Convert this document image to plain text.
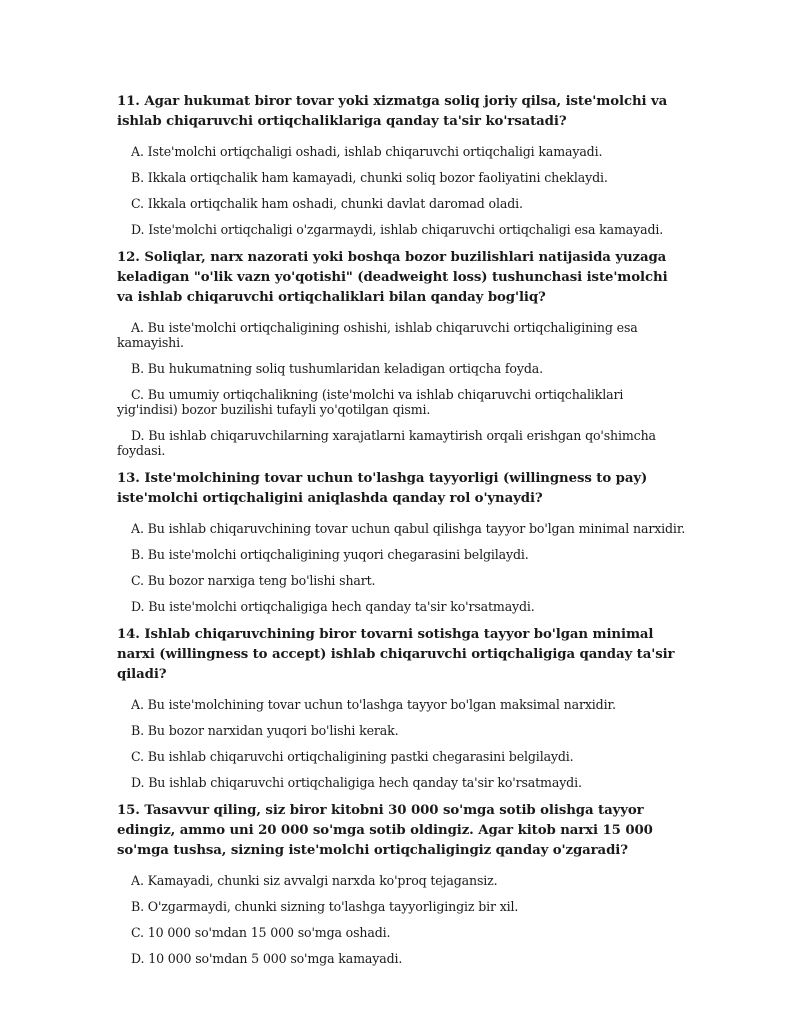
11. Agar hukumat biror tovar yoki xizmatga soliq joriy qilsa, iste'molchi va ishlab chiqaruvchi ortiqchaliklariga qanday ta'sir ko'rsatadi?

A. Iste'molchi ortiqchaligi oshadi, ishlab chiqaruvchi ortiqchaligi kamayadi.

B. Ikkala ortiqchalik ham kamayadi, chunki soliq bozor faoliyatini cheklaydi.

C. Ikkala ortiqchalik ham oshadi, chunki davlat daromad oladi.

D. Iste'molchi ortiqchaligi o'zgarmaydi, ishlab chiqaruvchi ortiqchaligi esa kamayadi.

12. Soliqlar, narx nazorati yoki boshqa bozor buzilishlari natijasida yuzaga keladigan "o'lik vazn yo'qotishi" (deadweight loss) tushunchasi iste'molchi va ishlab chiqaruvchi ortiqchaliklari bilan qanday bog'liq?

A. Bu iste'molchi ortiqchaligining oshishi, ishlab chiqaruvchi ortiqchaligining esa kamayishi.

B. Bu hukumatning soliq tushumlaridan keladigan ortiqcha foyda.

C. Bu umumiy ortiqchalikning (iste'molchi va ishlab chiqaruvchi ortiqchaliklari yig'indisi) bozor buzilishi tufayli yo'qotilgan qismi.

D. Bu ishlab chiqaruvchilarning xarajatlarni kamaytirish orqali erishgan qo'shimcha foydasi.

13. Iste'molchining tovar uchun to'lashga tayyorligi (willingness to pay) iste'molchi ortiqchaligini aniqlashda qanday rol o'ynaydi?

A. Bu ishlab chiqaruvchining tovar uchun qabul qilishga tayyor bo'lgan minimal narxidir.

B. Bu iste'molchi ortiqchaligining yuqori chegarasini belgilaydi.

C. Bu bozor narxiga teng bo'lishi shart.

D. Bu iste'molchi ortiqchaligiga hech qanday ta'sir ko'rsatmaydi.

14. Ishlab chiqaruvchining biror tovarni sotishga tayyor bo'lgan minimal narxi (willingness to accept) ishlab chiqaruvchi ortiqchaligiga qanday ta'sir qiladi?

A. Bu iste'molchining tovar uchun to'lashga tayyor bo'lgan maksimal narxidir.

B. Bu bozor narxidan yuqori bo'lishi kerak.

C. Bu ishlab chiqaruvchi ortiqchaligining pastki chegarasini belgilaydi.

D. Bu ishlab chiqaruvchi ortiqchaligiga hech qanday ta'sir ko'rsatmaydi.

15. Tasavvur qiling, siz biror kitobni 30 000 so'mga sotib olishga tayyor edingiz, ammo uni 20 000 so'mga sotib oldingiz. Agar kitob narxi 15 000 so'mga tushsa, sizning iste'molchi ortiqchaligingiz qanday o'zgaradi?

A. Kamayadi, chunki siz avvalgi narxda ko'proq tejagansiz.

B. O'zgarmaydi, chunki sizning to'lashga tayyorligingiz bir xil.

C. 10 000 so'mdan 15 000 so'mga oshadi.

D. 10 000 so'mdan 5 000 so'mga kamayadi.
